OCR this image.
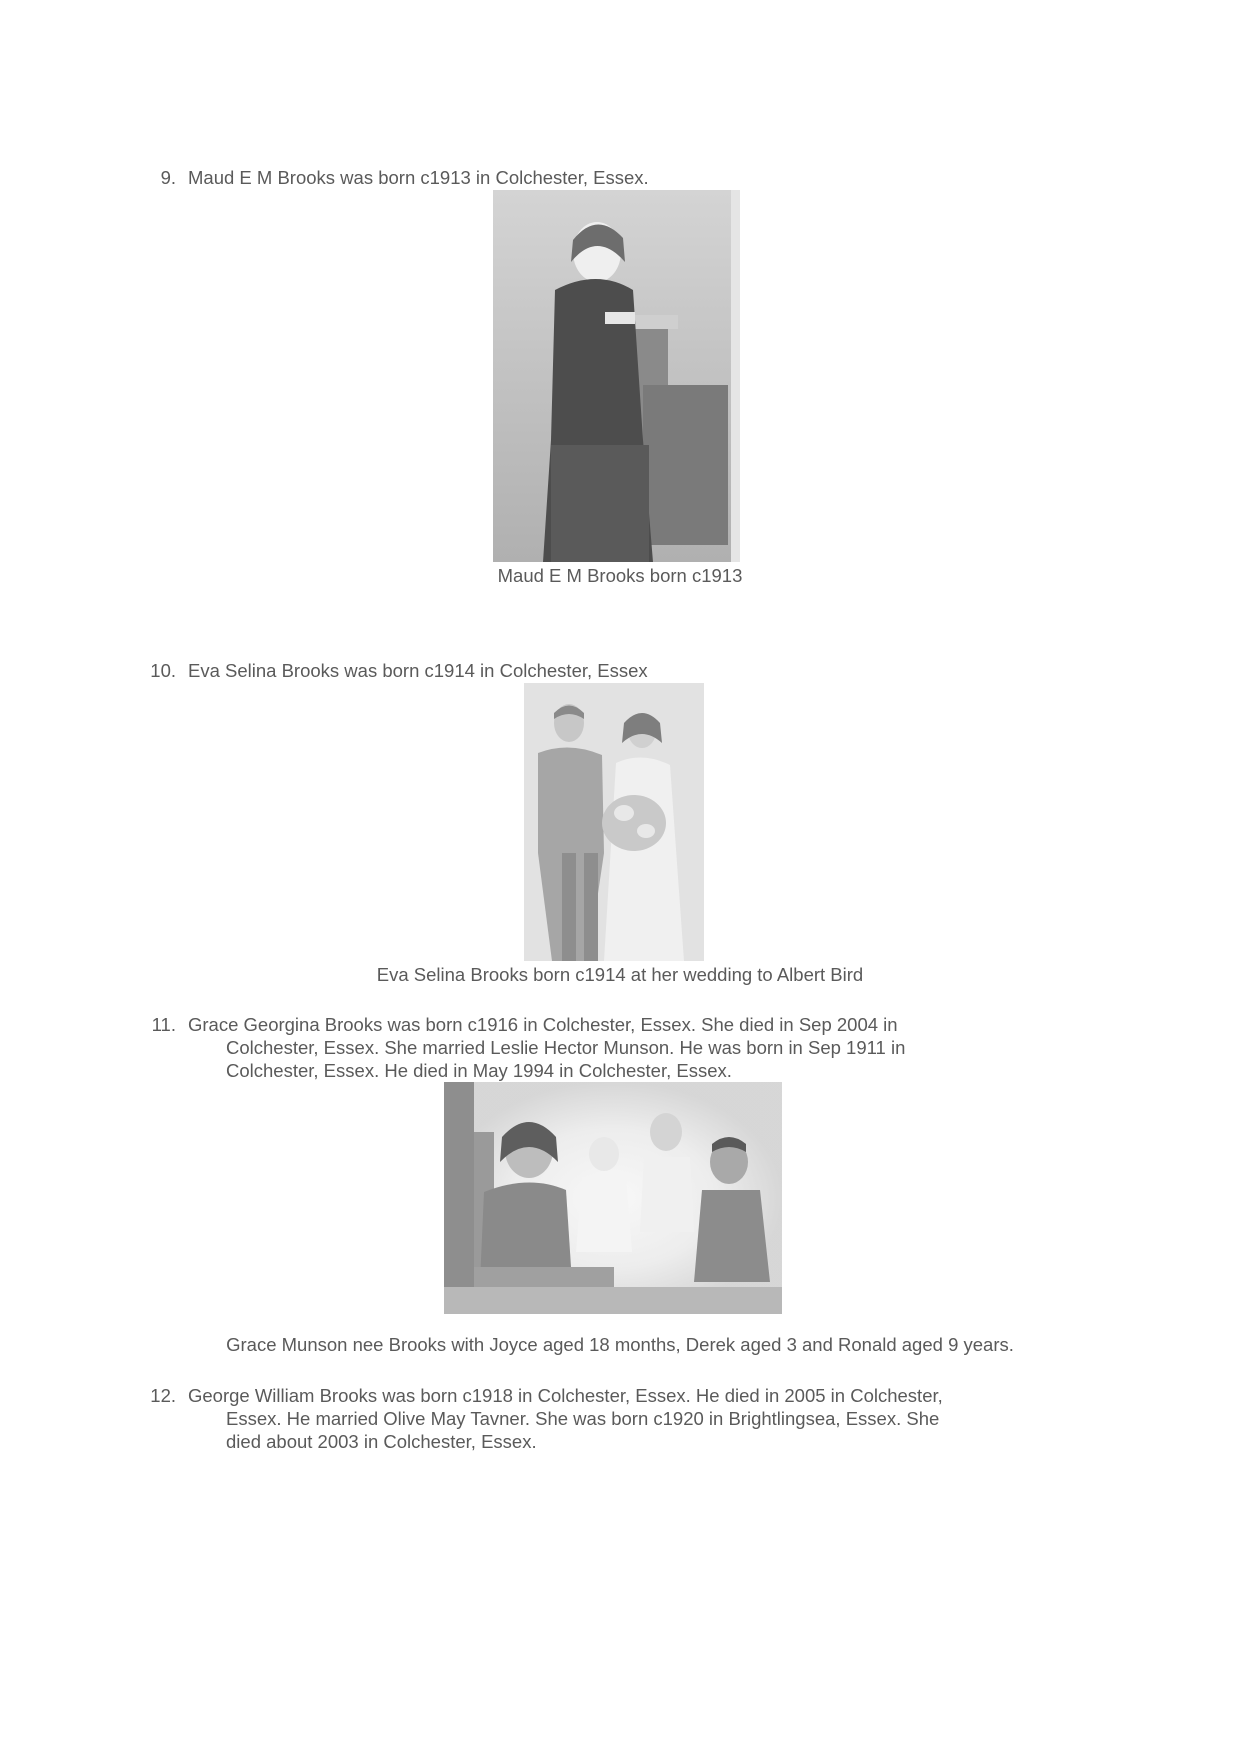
9. Maud E M Brooks was born c1913 in Colchester, Essex.
Maud E M Brooks born c1913
10. Eva Selina Brooks was born c1914 in Colchester, Essex
Eva Selina Brooks born c1914 at her wedding to Albert Bird
11. Grace Georgina Brooks was born c1916 in Colchester, Essex. She died in Sep 2004 in
Colchester, Essex. She married Leslie Hector Munson. He was born in Sep 1911 in
Colchester, Essex. He died in May 1994 in Colchester, Essex.
Grace Munson nee Brooks with Joyce aged 18 months, Derek aged 3 and Ronald aged 9 years.
12. George William Brooks was born c1918 in Colchester, Essex. He died in 2005 in Colchester,
Essex. He married Olive May Tavner. She was born c1920 in Brightlingsea, Essex. She
died about 2003 in Colchester, Essex.
